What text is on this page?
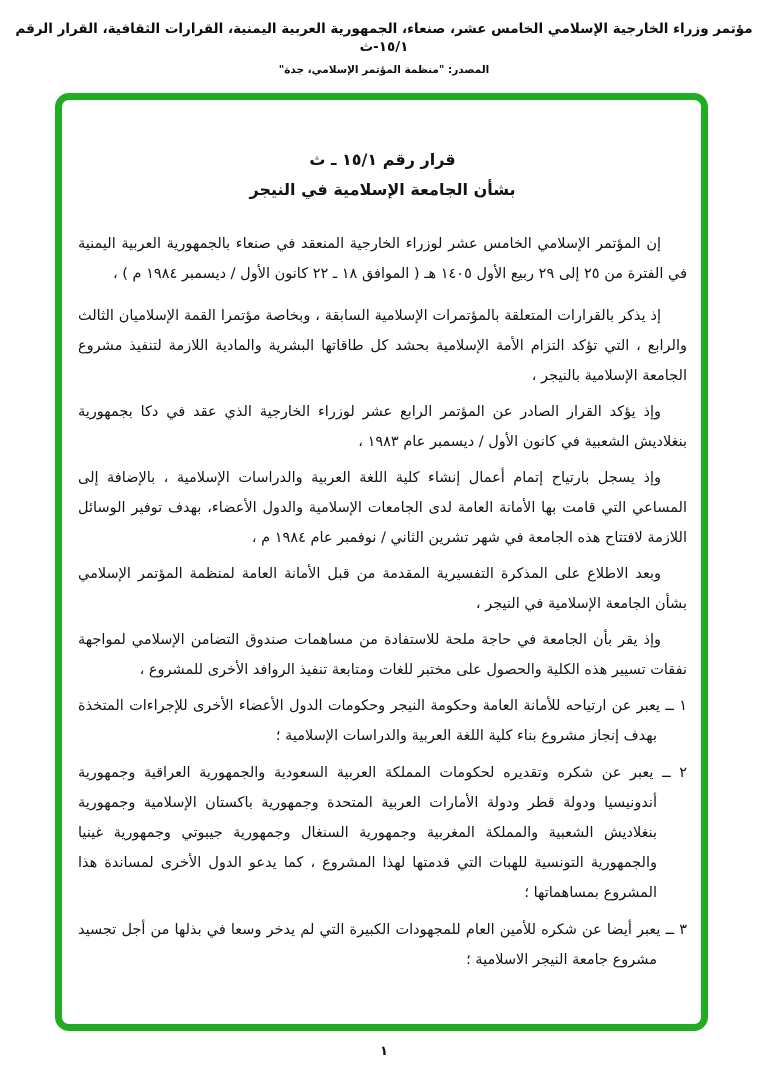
مؤتمر وزراء الخارجية الإسلامي الخامس عشر، صنعاء، الجمهورية العربية اليمنية، القرارات الثقافية، القرار الرقم ١٥/١-ث
المصدر: "منظمة المؤتمر الإسلامي، جدة"
قرار رقم ١٥/١ ـ ث
بشأن الجامعة الإسلامية في النيجر

إن المؤتمر الإسلامي الخامس عشر لوزراء الخارجية المنعقد في صنعاء بالجمهورية العربية اليمنية في الفترة من ٢٥ إلى ٢٩ ربيع الأول ١٤٠٥ هـ ( الموافق ١٨ ـ ٢٢ كانون الأول / ديسمبر ١٩٨٤ م ) ،

إذ يذكر بالقرارات المتعلقة بالمؤتمرات الإسلامية السابقة ، وبخاصة مؤتمرا القمة الإسلاميان الثالث والرابع ، التي تؤكد التزام الأمة الإسلامية بحشد كل طاقاتها البشرية والمادية اللازمة لتنفيذ مشروع الجامعة الإسلامية بالنيجر ،

وإذ يؤكد القرار الصادر عن المؤتمر الرابع عشر لوزراء الخارجية الذي عقد في دكا بجمهورية بنغلاديش الشعبية في كانون الأول / ديسمبر عام ١٩٨٣ ،

وإذ يسجل بارتياح إتمام أعمال إنشاء كلية اللغة العربية والدراسات الإسلامية ، بالإضافة إلى المساعي التي قامت بها الأمانة العامة لدى الجامعات الإسلامية والدول الأعضاء، بهدف توفير الوسائل اللازمة لافتتاح هذه الجامعة في شهر تشرين الثاني / نوفمبر عام ١٩٨٤ م ،

وبعد الاطلاع على المذكرة التفسيرية المقدمة من قبل الأمانة العامة لمنظمة المؤتمر الإسلامي بشأن الجامعة الإسلامية في النيجر ،

وإذ يقر بأن الجامعة في حاجة ملحة للاستفادة من مساهمات صندوق التضامن الإسلامي لمواجهة نفقات تسيير هذه الكلية والحصول على مختبر للغات ومتابعة تنفيذ الروافد الأخرى للمشروع ،

١ ــ يعبر عن ارتياحه للأمانة العامة وحكومة النيجر وحكومات الدول الأعضاء الأخرى للإجراءات المتخذة بهدف إنجاز مشروع بناء كلية اللغة العربية والدراسات الإسلامية ؛
٢ ــ يعبر عن شكره وتقديره لحكومات المملكة العربية السعودية والجمهورية العراقية وجمهورية أندونيسيا ودولة قطر ودولة الأمارات العربية المتحدة وجمهورية باكستان الإسلامية وجمهورية بنغلاديش الشعبية والمملكة المغربية وجمهورية السنغال وجمهورية جيبوتي وجمهورية غينيا والجمهورية التونسية للهبات التي قدمتها لهذا المشروع ، كما يدعو الدول الأخرى لمساندة هذا المشروع بمساهماتها ؛
٣ ــ يعبر أيضا عن شكره للأمين العام للمجهودات الكبيرة التي لم يدخر وسعا في بذلها من أجل تجسيد مشروع جامعة النيجر الاسلامية ؛
١
